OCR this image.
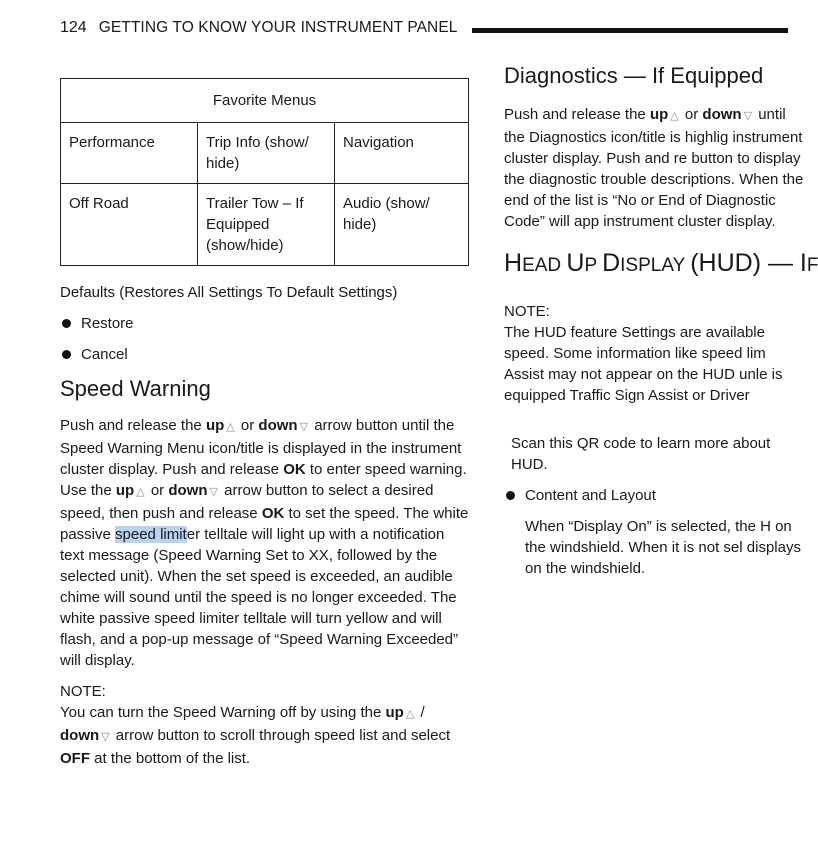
124 GETTING TO KNOW YOUR INSTRUMENT PANEL
Favorite Menus		
Performance	Trip Info (show/ hide)	Navigation
Off Road	Trailer Tow – If Equipped (show/hide)	Audio (show/ hide)

Defaults (Restores All Settings To Default Settings)

Restore
Cancel
Speed Warning

Push and release the up △ or down ▽ arrow button until the Speed Warning Menu icon/title is displayed in the instrument cluster display. Push and release OK to enter speed warning. Use the up △ or down ▽ arrow button to select a desired speed, then push and release OK to set the speed. The white passive speed limiter telltale will light up with a notification text message (Speed Warning Set to XX, followed by the selected unit). When the set speed is exceeded, an audible chime will sound until the speed is no longer exceeded. The white passive speed limiter telltale will turn yellow and will flash, and a pop-up message of “Speed Warning Exceeded” will display.

NOTE:

You can turn the Speed Warning off by using the up △ / down ▽ arrow button to scroll through speed list and select OFF at the bottom of the list.

Diagnostics — If Equipped

Push and release the up △ or down ▽ until the Diagnostics icon/title is highlig instrument cluster display. Push and re button to display the diagnostic trouble descriptions. When the end of the list is “No or End of Diagnostic Code” will app instrument cluster display.

HEAD UP DISPLAY (HUD) — IF
NOTE:

The HUD feature Settings are available speed. Some information like speed lim Assist may not appear on the HUD unle is equipped Traffic Sign Assist or Driver

Scan this QR code to learn more about HUD.
Content and Layout

When “Display On” is selected, the H on the windshield. When it is not sel displays on the windshield.
